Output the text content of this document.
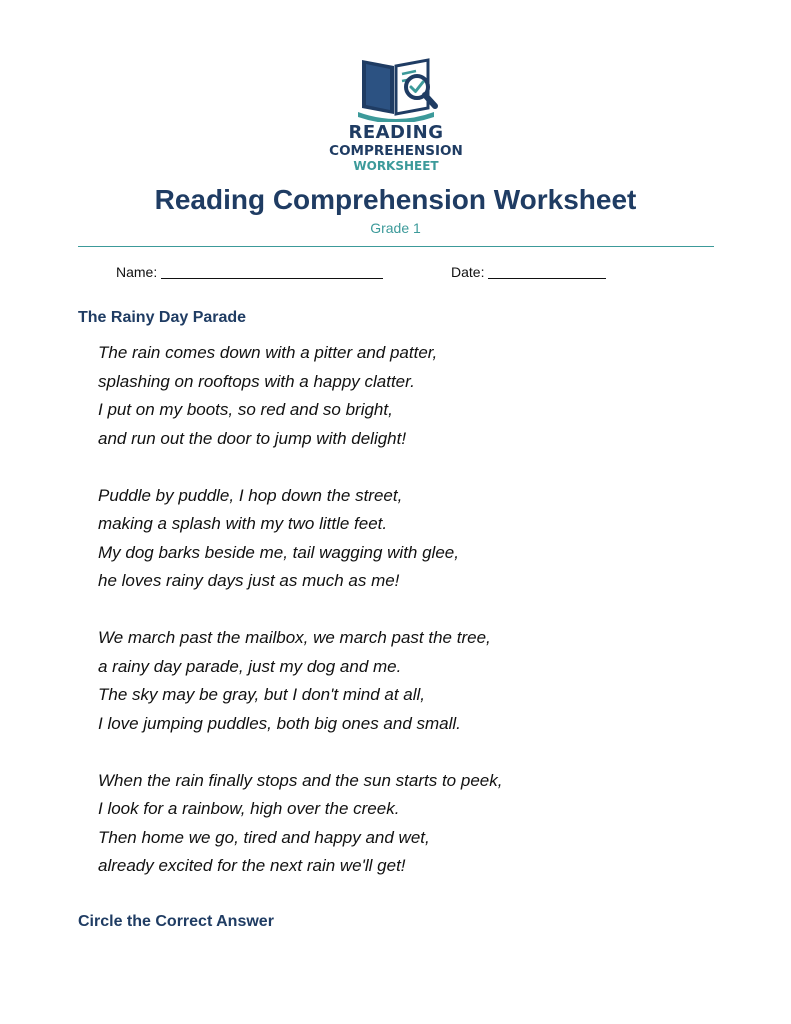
READING
COMPREHENSION
WORKSHEET
Reading Comprehension Worksheet
Grade 1
Name:	Date:
The Rainy Day Parade
The rain comes down with a pitter and patter,
splashing on rooftops with a happy clatter.
I put on my boots, so red and so bright,
and run out the door to jump with delight!
Puddle by puddle, I hop down the street,
making a splash with my two little feet.
My dog barks beside me, tail wagging with glee,
he loves rainy days just as much as me!
We march past the mailbox, we march past the tree,
a rainy day parade, just my dog and me.
The sky may be gray, but I don't mind at all,
I love jumping puddles, both big ones and small.
When the rain finally stops and the sun starts to peek,
I look for a rainbow, high over the creek.
Then home we go, tired and happy and wet,
already excited for the next rain we'll get!
Circle the Correct Answer
